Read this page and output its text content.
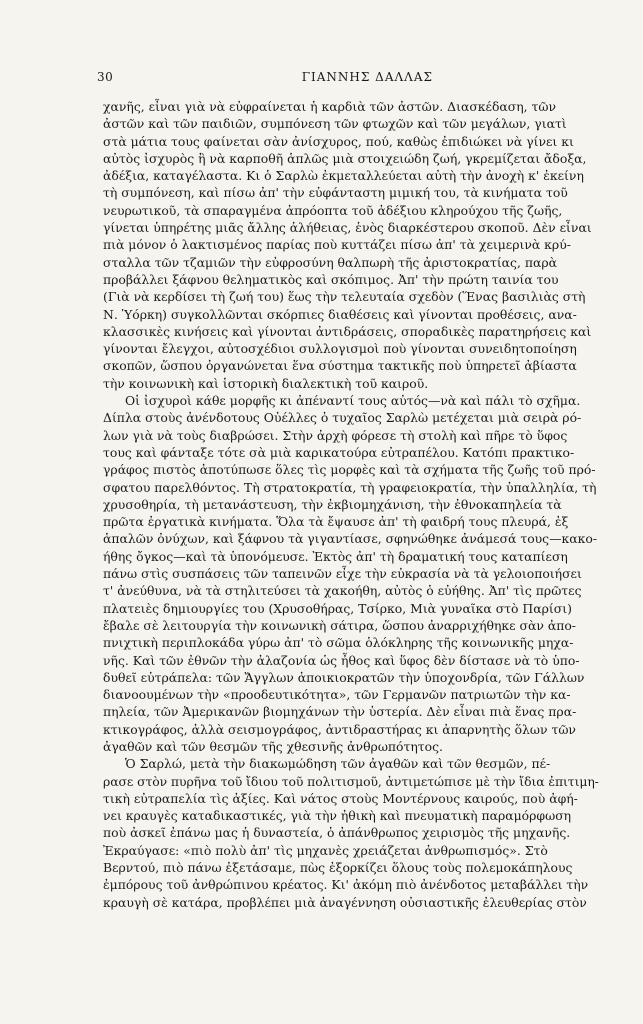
30	ΓΙΑΝΝΗΣ ΔΑΛΛΑΣ

χανῆς, εἶναι γιὰ νὰ εὐφραίνεται ἡ καρδιὰ τῶν ἀστῶν. Διασκέδαση, τῶν
ἀστῶν καὶ τῶν παιδιῶν, συμπόνεση τῶν φτωχῶν καὶ τῶν μεγάλων, γιατὶ
στὰ μάτια τους φαίνεται σὰν ἀνίσχυρος, πού, καθὼς ἐπιδιώκει νὰ γίνει κι
αὐτὸς ἰσχυρὸς ἢ νὰ καρποθῆ ἁπλῶς μιὰ στοιχειώδη ζωή, γκρεμίζεται ἄδοξα,
ἀδέξια, καταγέλαστα. Κι ὁ Σαρλὼ ἐκμεταλλεύεται αὐτὴ τὴν ἀνοχὴ κ' ἐκείνη
τὴ συμπόνεση, καὶ πίσω ἀπ' τὴν εὐφάνταστη μιμική του, τὰ κινήματα τοῦ
νευρωτικοῦ, τὰ σπαραγμένα ἀπρόοπτα τοῦ ἀδέξιου κληρούχου τῆς ζωῆς,
γίνεται ὑπηρέτης μιᾶς ἄλλης ἀλήθειας, ἑνὸς διαρκέστερου σκοποῦ. Δὲν εἶναι
πιὰ μόνον ὁ λακτισμένος παρίας ποὺ κυττάζει πίσω ἀπ' τὰ χειμερινὰ κρύ-
σταλλα τῶν τζαμιῶν τὴν εὐφροσύνη θαλπωρὴ τῆς ἀριστοκρατίας, παρὰ
προβάλλει ξάφνου θεληματικὸς καὶ σκόπιμος. Ἀπ' τὴν πρώτη ταινία του
(Γιὰ νὰ κερδίσει τὴ ζωή του) ἕως τὴν τελευταία σχεδὸν (Ἕνας βασιλιὰς στὴ
Ν. Ὑόρκη) συγκολλῶνται σκόρπιες διαθέσεις καὶ γίνονται προθέσεις, ανα-
κλασσικὲς κινήσεις καὶ γίνονται ἀντιδράσεις, σποραδικὲς παρατηρήσεις καὶ
γίνονται ἔλεγχοι, αὐτοσχέδιοι συλλογισμοὶ ποὺ γίνονται συνειδητοποίηση
σκοπῶν, ὥσπου ὀργανώνεται ἕνα σύστημα τακτικῆς ποὺ ὑπηρετεῖ ἀβίαστα
τὴν κοινωνικὴ καὶ ἱστορικὴ διαλεκτικὴ τοῦ καιροῦ.

Οἱ ἰσχυροὶ κάθε μορφῆς κι ἀπέναντί τους αὐτός—νὰ καὶ πάλι τὸ σχῆμα.
Δίπλα στοὺς ἀνένδοτους Οὐέλλες ὁ τυχαῖος Σαρλὼ μετέχεται μιὰ σειρὰ ρό-
λων γιὰ νὰ τοὺς διαβρώσει. Στὴν ἀρχὴ φόρεσε τὴ στολὴ καὶ πῆρε τὸ ὕφος
τους καὶ φάνταξε τότε σὰ μιὰ καρικατούρα εὐτραπέλου. Κατόπι πρακτικο-
γράφος πιστὸς ἀποτύπωσε ὅλες τὶς μορφὲς καὶ τὰ σχήματα τῆς ζωῆς τοῦ πρό-
σφατου παρελθόντος. Τὴ στρατοκρατία, τὴ γραφειοκρατία, τὴν ὑπαλληλία, τὴ
χρυσοθηρία, τὴ μετανάστευση, τὴν ἐκβιομηχάνιση, τὴν ἐθνοκαπηλεία τὰ
πρῶτα ἐργατικὰ κινήματα. Ὅλα τὰ ἔψαυσε ἀπ' τὴ φαιδρή τους πλευρά, ἐξ
ἁπαλῶν ὀνύχων, καὶ ξάφνου τὰ γιγαντίασε, σφηνώθηκε ἀνάμεσά τους—κακο-
ήθης ὄγκος—καὶ τὰ ὑπονόμευσε. Ἐκτὸς ἀπ' τὴ δραματική τους καταπίεση
πάνω στὶς συσπάσεις τῶν ταπεινῶν εἶχε τὴν εὐκρασία νὰ τὰ γελοιοποιήσει
τ' ἀνεύθυνα, νὰ τὰ στηλιτεύσει τὰ χακοήθη, αὐτὸς ὁ εὐήθης. Ἀπ' τὶς πρῶτες
πλατειὲς δημιουργίες του (Χρυσοθήρας, Τσίρκο, Μιὰ γυναῖκα στὸ Παρίσι)
ἔβαλε σὲ λειτουργία τὴν κοινωνικὴ σάτιρα, ὥσπου ἀναρριχήθηκε σὰν ἀπο-
πνιχτικὴ περιπλοκάδα γύρω ἀπ' τὸ σῶμα ὁλόκληρης τῆς κοινωνικῆς μηχα-
νῆς. Καὶ τῶν ἐθνῶν τὴν ἀλαζονία ὡς ἦθος καὶ ὕφος δὲν δίστασε νὰ τὸ ὑπο-
δυθεῖ εὐτράπελα: τῶν Ἄγγλων ἀποικιοκρατῶν τὴν ὑποχονδρία, τῶν Γάλλων
διανοουμένων τὴν «προοδευτικότητα», τῶν Γερμανῶν πατριωτῶν τὴν κα-
πηλεία, τῶν Ἀμερικανῶν βιομηχάνων τὴν ὑστερία. Δὲν εἶναι πιὰ ἕνας πρα-
κτικογράφος, ἀλλὰ σεισμογράφος, ἀντιδραστήρας κι ἀπαρνητὴς ὅλων τῶν
ἀγαθῶν καὶ τῶν θεσμῶν τῆς χθεσινῆς ἀνθρωπότητος.

Ὁ Σαρλώ, μετὰ τὴν διακωμώδηση τῶν ἀγαθῶν καὶ τῶν θεσμῶν, πέ-
ρασε στὸν πυρῆνα τοῦ ἴδιου τοῦ πολιτισμοῦ, ἀντιμετώπισε μὲ τὴν ἴδια ἐπιτιμη-
τικὴ εὐτραπελία τὶς ἀξίες. Καὶ νάτος στοὺς Μοντέρνους καιρούς, ποὺ ἀφή-
νει κραυγὲς καταδικαστικές, γιὰ τὴν ἠθικὴ καὶ πνευματικὴ παραμόρφωση
ποὺ ἀσκεῖ ἐπάνω μας ἡ δυναστεία, ὁ ἀπάνθρωπος χειρισμὸς τῆς μηχανῆς.
Ἐκραύγασε: «πιὸ πολὺ ἀπ' τὶς μηχανὲς χρειάζεται ἀνθρωπισμός». Στὸ
Βερντού, πιὸ πάνω ἐξετάσαμε, πὼς ἐξορκίζει ὅλους τοὺς πολεμοκάπηλους
ἐμπόρους τοῦ ἀνθρώπινου κρέατος. Κι' ἀκόμη πιὸ ἀνένδοτος μεταβάλλει τὴν
κραυγὴ σὲ κατάρα, προβλέπει μιὰ ἀναγέννηση οὐσιαστικῆς ἐλευθερίας στὸν
